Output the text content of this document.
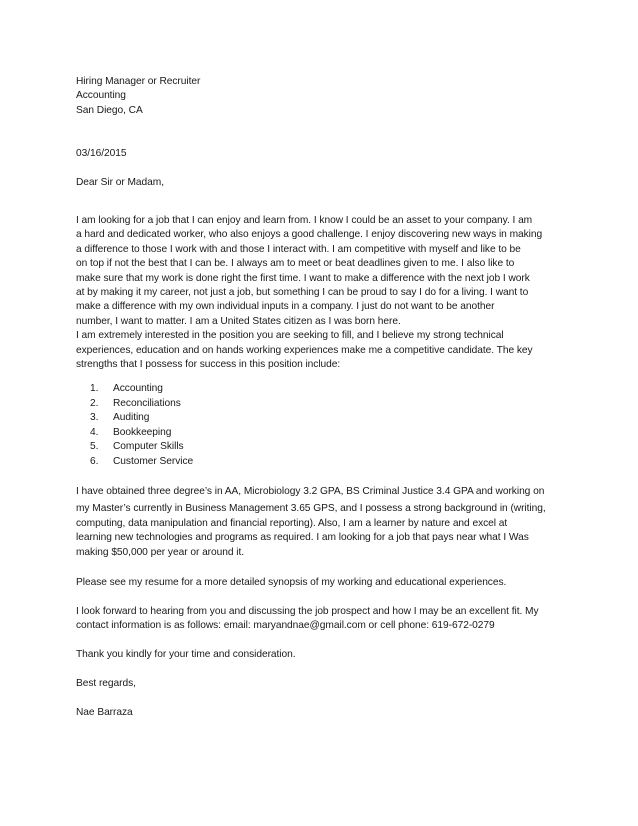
Hiring Manager or Recruiter
Accounting
San Diego, CA
03/16/2015
Dear Sir or Madam,
I am looking for a job that I can enjoy and learn from. I know I could be an asset to your company. I am
a hard and dedicated worker, who also enjoys a good challenge. I enjoy discovering new ways in making
a difference to those I work with and those I interact with. I am competitive with myself and like to be
on top if not the best that I can be. I always am to meet or beat deadlines given to me. I also like to
make sure that my work is done right the first time. I want to make a difference with the next job I work
at by making it my career, not just a job, but something I can be proud to say I do for a living. I want to
make a difference with my own individual inputs in a company. I just do not want to be another
number, I want to matter. I am a United States citizen as I was born here.
I am extremely interested in the position you are seeking to fill, and I believe my strong technical
experiences, education and on hands working experiences make me a competitive candidate. The key
strengths that I possess for success in this position include:
1. Accounting
2. Reconciliations
3. Auditing
4. Bookkeeping
5. Computer Skills
6. Customer Service
I have obtained three degree’s in AA, Microbiology 3.2 GPA, BS Criminal Justice 3.4 GPA and working on
my Master’s currently in Business Management 3.65 GPS, and I possess a strong background in (writing,
computing, data manipulation and financial reporting). Also, I am a learner by nature and excel at
learning new technologies and programs as required. I am looking for a job that pays near what I Was
making $50,000 per year or around it.
Please see my resume for a more detailed synopsis of my working and educational experiences.
I look forward to hearing from you and discussing the job prospect and how I may be an excellent fit. My
contact information is as follows: email: maryandnae@gmail.com or cell phone: 619-672-0279
Thank you kindly for your time and consideration.
Best regards,
Nae Barraza
